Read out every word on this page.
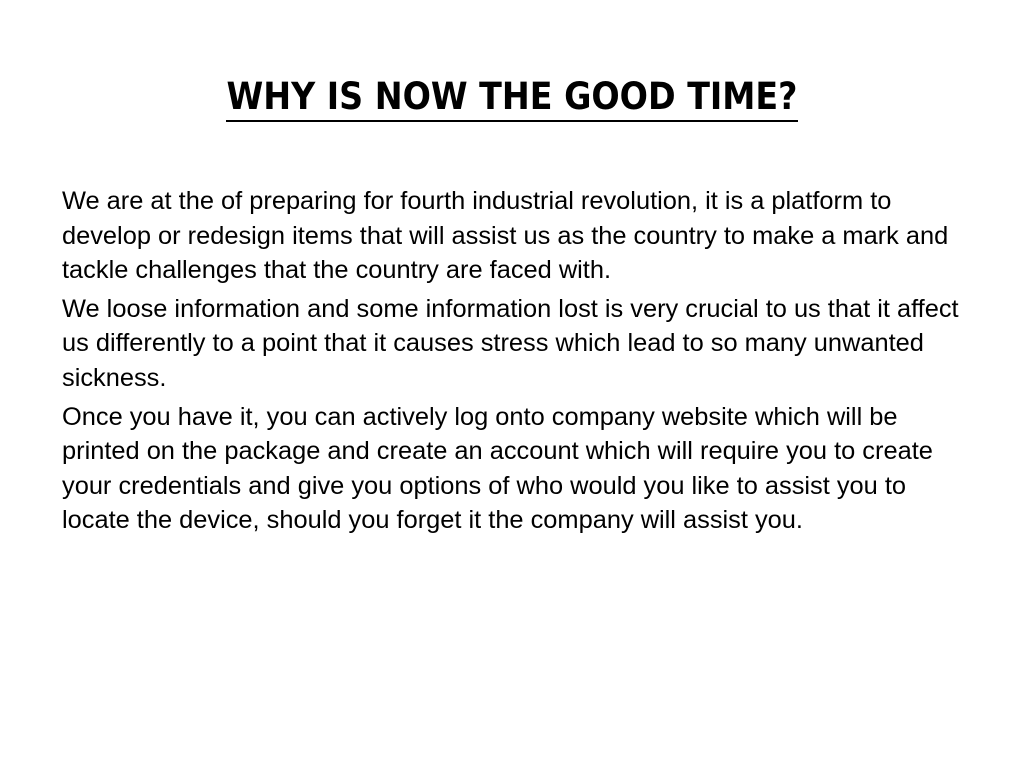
WHY IS NOW THE GOOD TIME?

We are at the of preparing for fourth industrial revolution, it is a platform to develop or redesign items that will assist us as the country to make a mark and tackle challenges that the country are faced with.

We loose information and some information lost is very crucial to us that it affect us differently to a point that it causes stress which lead to so many unwanted sickness.

Once you have it, you can actively log onto company website which will be printed on the package and create an account which will require you to create your credentials and give you options of who would you like to assist you to locate the device, should you forget it the company will assist you.
